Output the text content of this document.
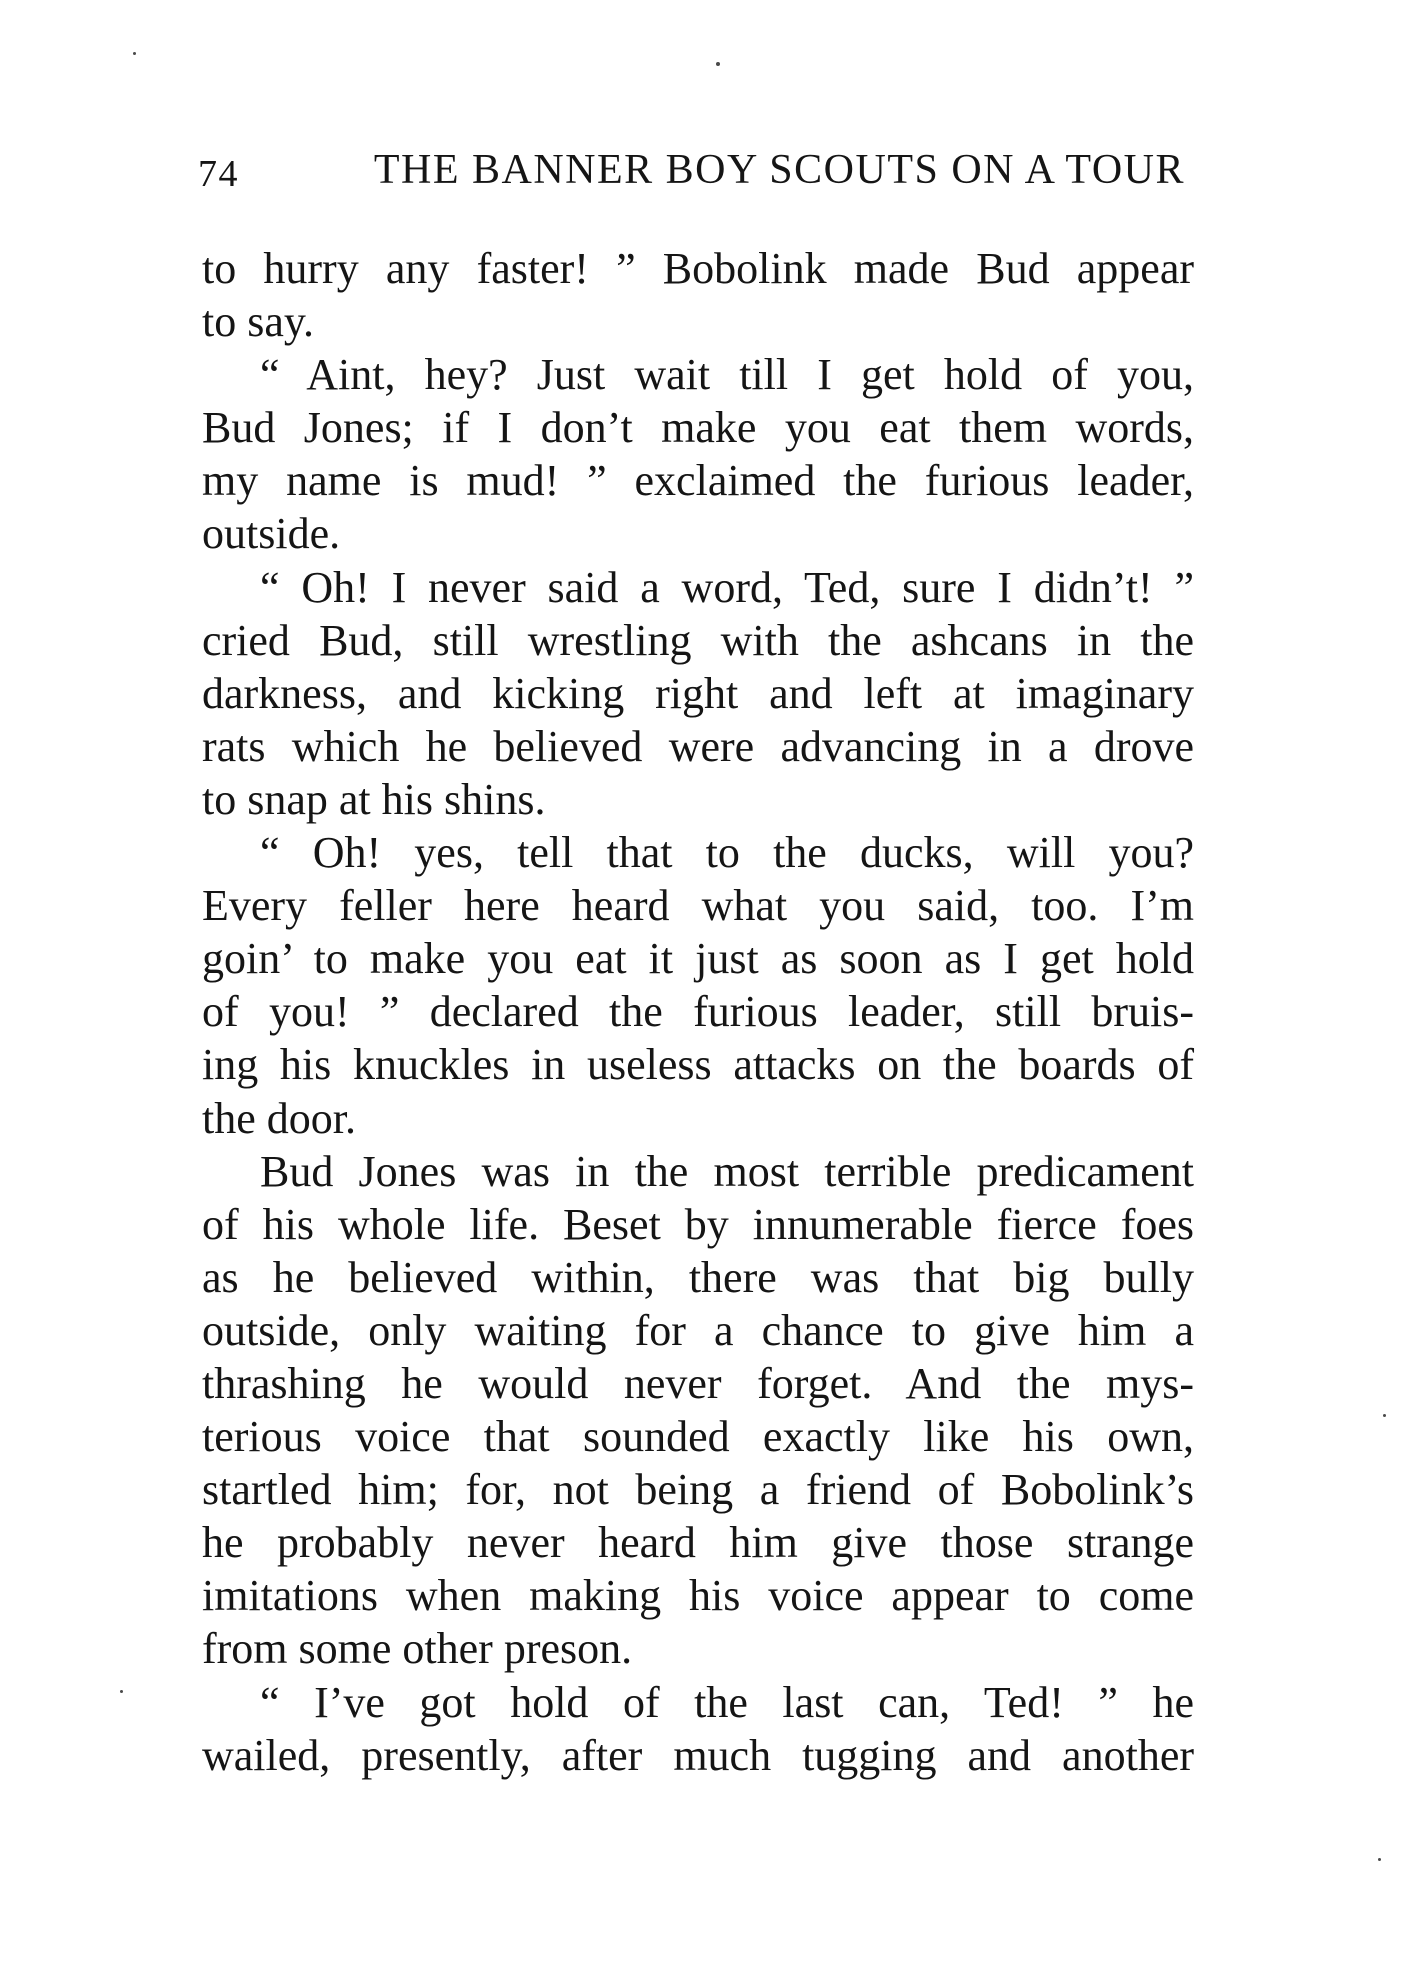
74	THE BANNER BOY SCOUTS ON A TOUR
to hurry any faster! ” Bobolink made Bud appear
to say.
“ Aint, hey? Just wait till I get hold of you,
Bud Jones; if I don’t make you eat them words,
my name is mud! ” exclaimed the furious leader,
outside.
“ Oh! I never said a word, Ted, sure I didn’t! ”
cried Bud, still wrestling with the ashcans in the
darkness, and kicking right and left at imaginary
rats which he believed were advancing in a drove
to snap at his shins.
“ Oh! yes, tell that to the ducks, will you?
Every feller here heard what you said, too. I’m
goin’ to make you eat it just as soon as I get hold
of you! ” declared the furious leader, still bruis-
ing his knuckles in useless attacks on the boards of
the door.
Bud Jones was in the most terrible predicament
of his whole life. Beset by innumerable fierce foes
as he believed within, there was that big bully
outside, only waiting for a chance to give him a
thrashing he would never forget. And the mys-
terious voice that sounded exactly like his own,
startled him; for, not being a friend of Bobolink’s
he probably never heard him give those strange
imitations when making his voice appear to come
from some other preson.
“ I’ve got hold of the last can, Ted! ” he
wailed, presently, after much tugging and another
